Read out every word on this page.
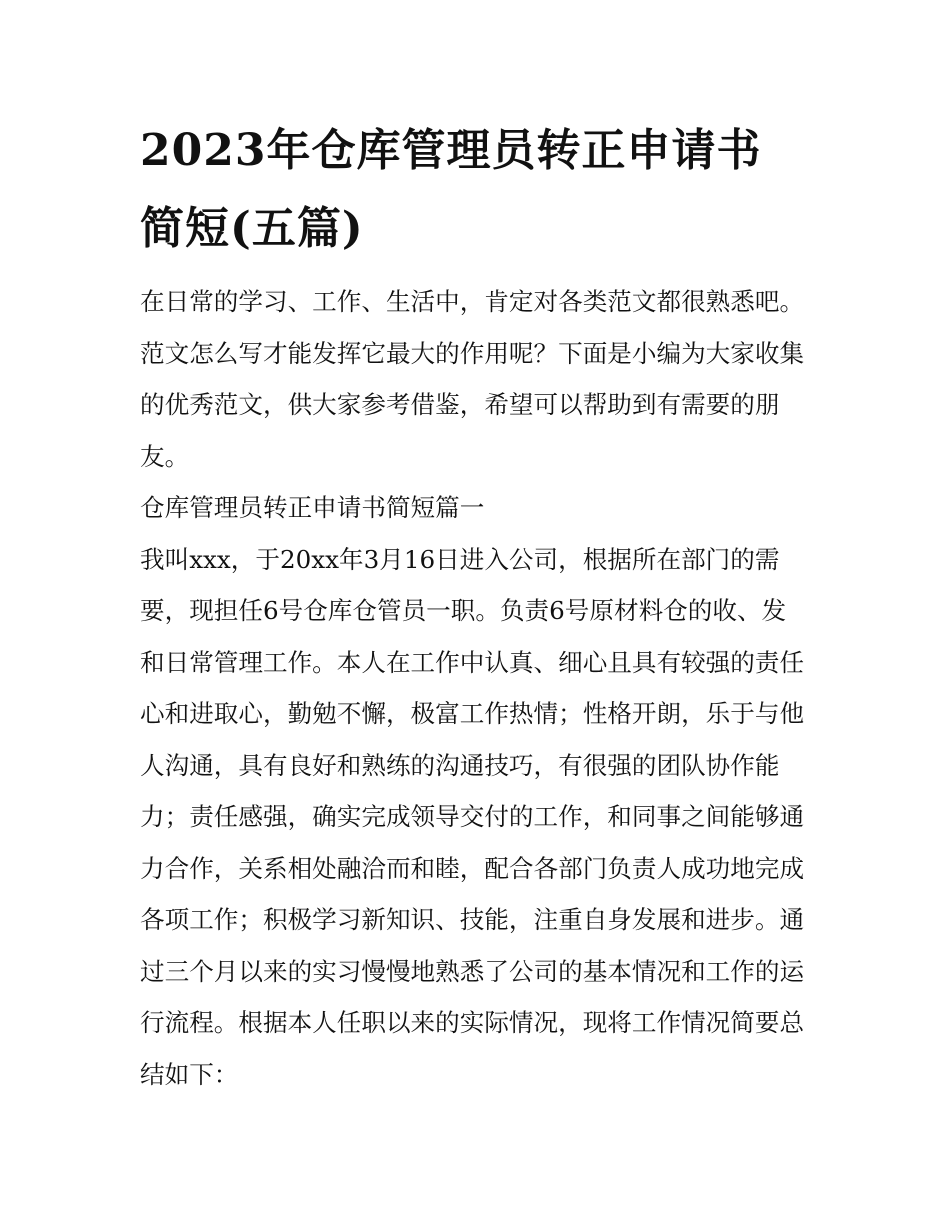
2023年仓库管理员转正申请书
简短(五篇)

在日常的学习、工作、生活中，肯定对各类范文都很熟悉吧。
范文怎么写才能发挥它最大的作用呢？下面是小编为大家收集
的优秀范文，供大家参考借鉴，希望可以帮助到有需要的朋
友。

仓库管理员转正申请书简短篇一

我叫xxx，于20xx年3月16日进入公司，根据所在部门的需
要，现担任6号仓库仓管员一职。负责6号原材料仓的收、发
和日常管理工作。本人在工作中认真、细心且具有较强的责任
心和进取心，勤勉不懈，极富工作热情；性格开朗，乐于与他
人沟通，具有良好和熟练的沟通技巧，有很强的团队协作能
力；责任感强，确实完成领导交付的工作，和同事之间能够通
力合作，关系相处融洽而和睦，配合各部门负责人成功地完成
各项工作；积极学习新知识、技能，注重自身发展和进步。通
过三个月以来的实习慢慢地熟悉了公司的基本情况和工作的运
行流程。根据本人任职以来的实际情况，现将工作情况简要总
结如下：
